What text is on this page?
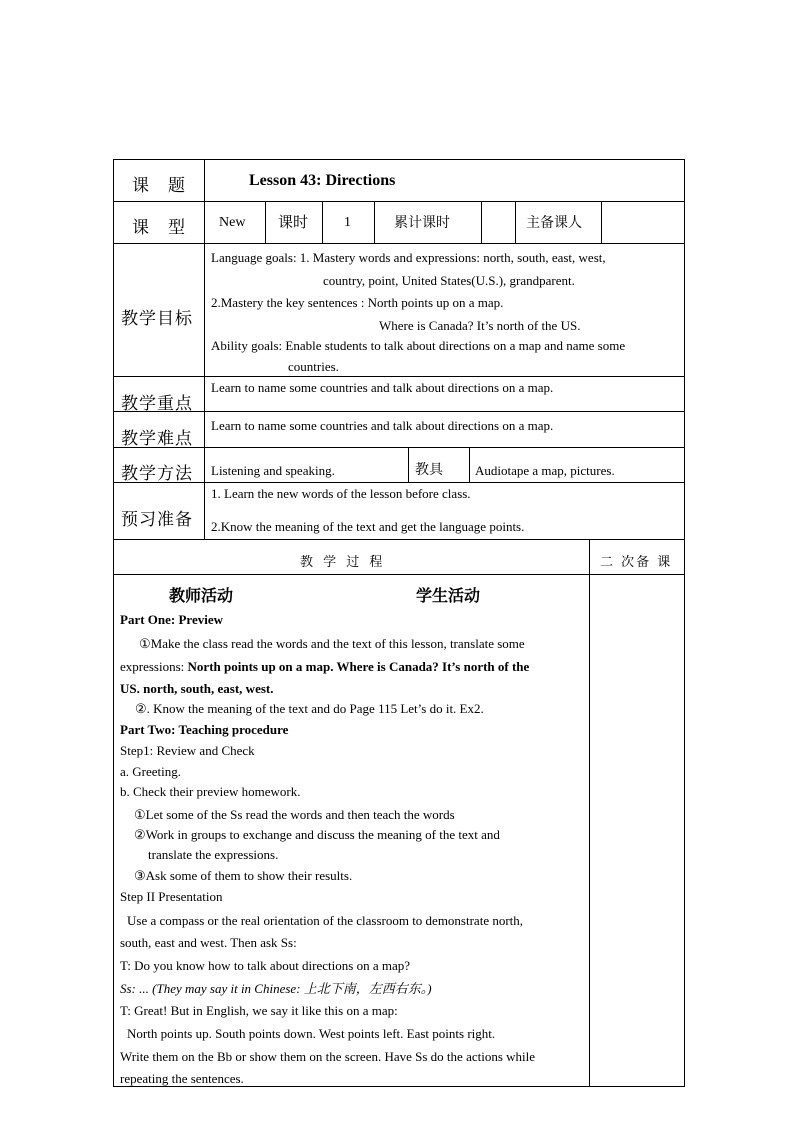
课　题	Lesson 43: Directions
课　型 New 课时	1	累计课时	主备课人
教学目标
Language goals: 1. Mastery words and expressions: north, south, east, west,
country, point, United States(U.S.), grandparent.
2.Mastery the key sentences : North points up on a map.
Where is Canada? It’s north of the US.
Ability goals: Enable students to talk about directions on a map and name some
countries.
教学重点
Learn to name some countries and talk about directions on a map.
教学难点
Learn to name some countries and talk about directions on a map.
教学方法 Listening and speaking.	教具 Audiotape a map, pictures.
预习准备
1. Learn the new words of the lesson before class.
2.Know the meaning of the text and get the language points.
教 学 过 程	二 次备 课
教师活动	学生活动
Part One: Preview
①Make the class read the words and the text of this lesson, translate some
expressions: North points up on a map. Where is Canada? It’s north of the
US. north, south, east, west.
②. Know the meaning of the text and do Page 115 Let’s do it. Ex2.
Part Two: Teaching procedure
Step1: Review and Check
a. Greeting.
b. Check their preview homework.
①Let some of the Ss read the words and then teach the words
②Work in groups to exchange and discuss the meaning of the text and
translate the expressions.
③Ask some of them to show their results.
Step II Presentation
Use a compass or the real orientation of the classroom to demonstrate north,
south, east and west. Then ask Ss:
T: Do you know how to talk about directions on a map?
Ss: ... (They may say it in Chinese: 上北下南，左西右东。)
T: Great! But in English, we say it like this on a map:
North points up. South points down. West points left. East points right.
Write them on the Bb or show them on the screen. Have Ss do the actions while
repeating the sentences.
